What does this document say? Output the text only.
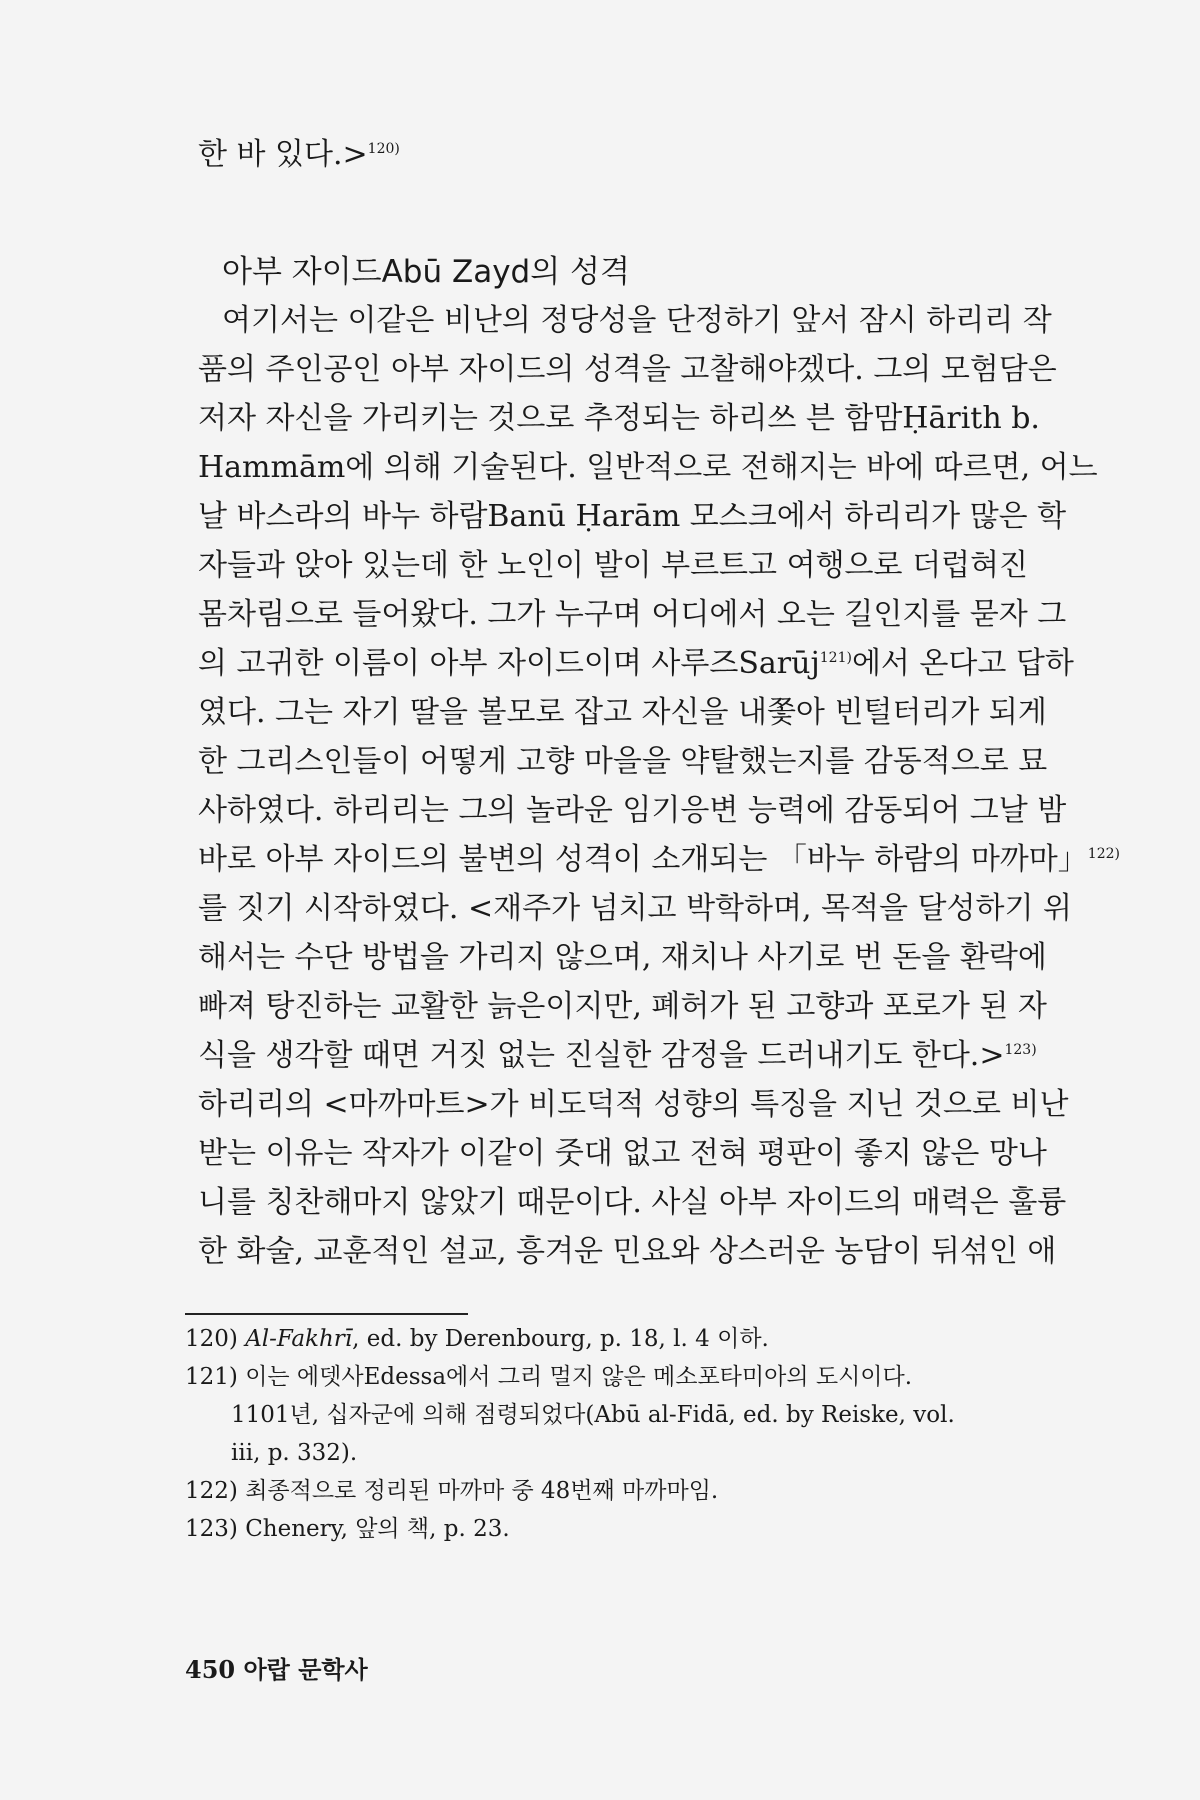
한 바 있다.>$^{120)}$
아부 자이드Abū Zayd의 성격
여기서는 이같은 비난의 정당성을 단정하기 앞서 잠시 하리리 작
품의 주인공인 아부 자이드의 성격을 고찰해야겠다. 그의 모험담은
저자 자신을 가리키는 것으로 추정되는 하리쓰 븐 함맘Ḥārith b.
Hammām에 의해 기술된다. 일반적으로 전해지는 바에 따르면, 어느
날 바스라의 바누 하람Banū Ḥarām 모스크에서 하리리가 많은 학
자들과 앉아 있는데 한 노인이 발이 부르트고 여행으로 더럽혀진
몸차림으로 들어왔다. 그가 누구며 어디에서 오는 길인지를 묻자 그
의 고귀한 이름이 아부 자이드이며 사루즈Sarūj$^{121)}$에서 온다고 답하
였다. 그는 자기 딸을 볼모로 잡고 자신을 내쫓아 빈털터리가 되게
한 그리스인들이 어떻게 고향 마을을 약탈했는지를 감동적으로 묘
사하였다. 하리리는 그의 놀라운 임기응변 능력에 감동되어 그날 밤
바로 아부 자이드의 불변의 성격이 소개되는 「바누 하람의 마까마」$^{122)}$
를 짓기 시작하였다. <재주가 넘치고 박학하며, 목적을 달성하기 위
해서는 수단 방법을 가리지 않으며, 재치나 사기로 번 돈을 환락에
빠져 탕진하는 교활한 늙은이지만, 폐허가 된 고향과 포로가 된 자
식을 생각할 때면 거짓 없는 진실한 감정을 드러내기도 한다.>$^{123)}$
하리리의 <마까마트>가 비도덕적 성향의 특징을 지닌 것으로 비난
받는 이유는 작자가 이같이 줏대 없고 전혀 평판이 좋지 않은 망나
니를 칭찬해마지 않았기 때문이다. 사실 아부 자이드의 매력은 훌륭
한 화술, 교훈적인 설교, 흥겨운 민요와 상스러운 농담이 뒤섞인 애
120) Al-Fakhrī, ed. by Derenbourg, p. 18, l. 4 이하.
121) 이는 에뎃사Edessa에서 그리 멀지 않은 메소포타미아의 도시이다.
1101년, 십자군에 의해 점령되었다(Abū al-Fidā, ed. by Reiske, vol.
iii, p. 332).
122) 최종적으로 정리된 마까마 중 48번째 마까마임.
123) Chenery, 앞의 책, p. 23.
450 아랍 문학사
